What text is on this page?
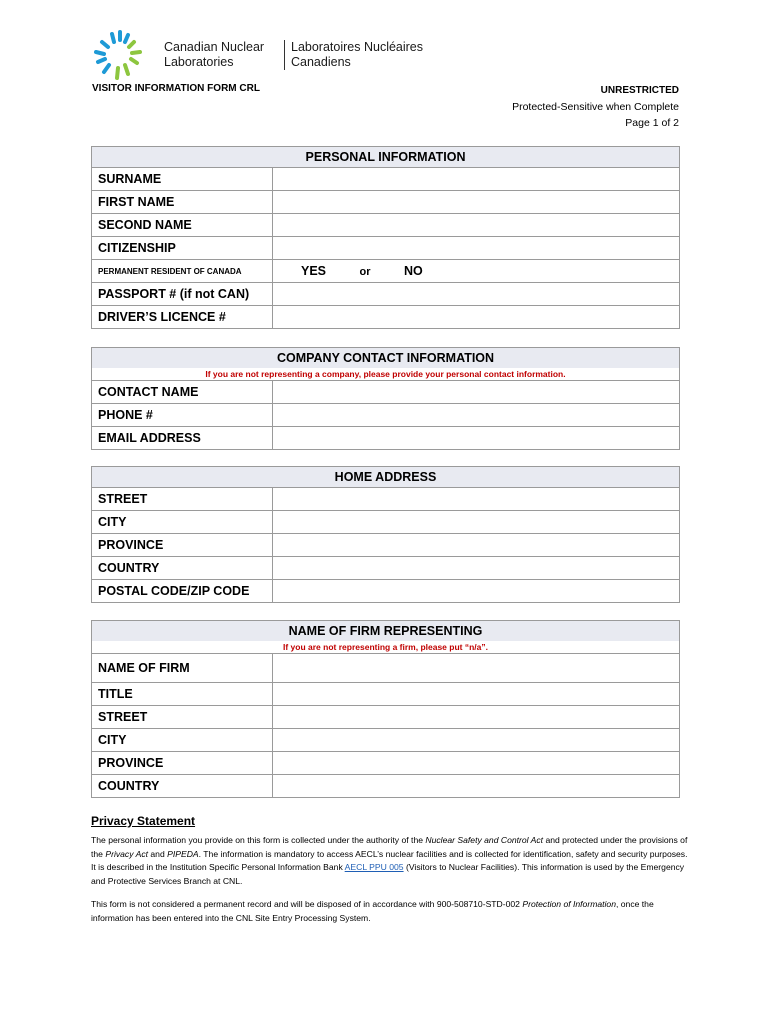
Canadian Nuclear
Laboratories
Laboratoires Nucléaires
Canadiens
VISITOR INFORMATION FORM CRL	UNRESTRICTED
Protected-Sensitive when Complete
Page 1 of 2
PERSONAL INFORMATION	
SURNAME	
FIRST NAME	
SECOND NAME	
CITIZENSHIP	
PERMANENT RESIDENT OF CANADA	YES or NO
PASSPORT # (if not CAN)	
DRIVER’S LICENCE #	
COMPANY CONTACT INFORMATION	
If you are not representing a company, please provide your personal contact information.	
CONTACT NAME	
PHONE #	
EMAIL ADDRESS	
HOME ADDRESS	
STREET	
CITY	
PROVINCE	
COUNTRY	
POSTAL CODE/ZIP CODE	
NAME OF FIRM REPRESENTING	
If you are not representing a firm, please put “n/a”.	
NAME OF FIRM	
TITLE	
STREET	
CITY	
PROVINCE	
COUNTRY	
Privacy Statement

The personal information you provide on this form is collected under the authority of the Nuclear Safety and Control Act and protected under the provisions of the Privacy Act and PIPEDA. The information is mandatory to access AECL’s nuclear facilities and is collected for identification, safety and security purposes. It is described in the Institution Specific Personal Information Bank AECL PPU 005 (Visitors to Nuclear Facilities). This information is used by the Emergency and Protective Services Branch at CNL.

This form is not considered a permanent record and will be disposed of in accordance with 900-508710-STD-002 Protection of Information, once the information has been entered into the CNL Site Entry Processing System.
